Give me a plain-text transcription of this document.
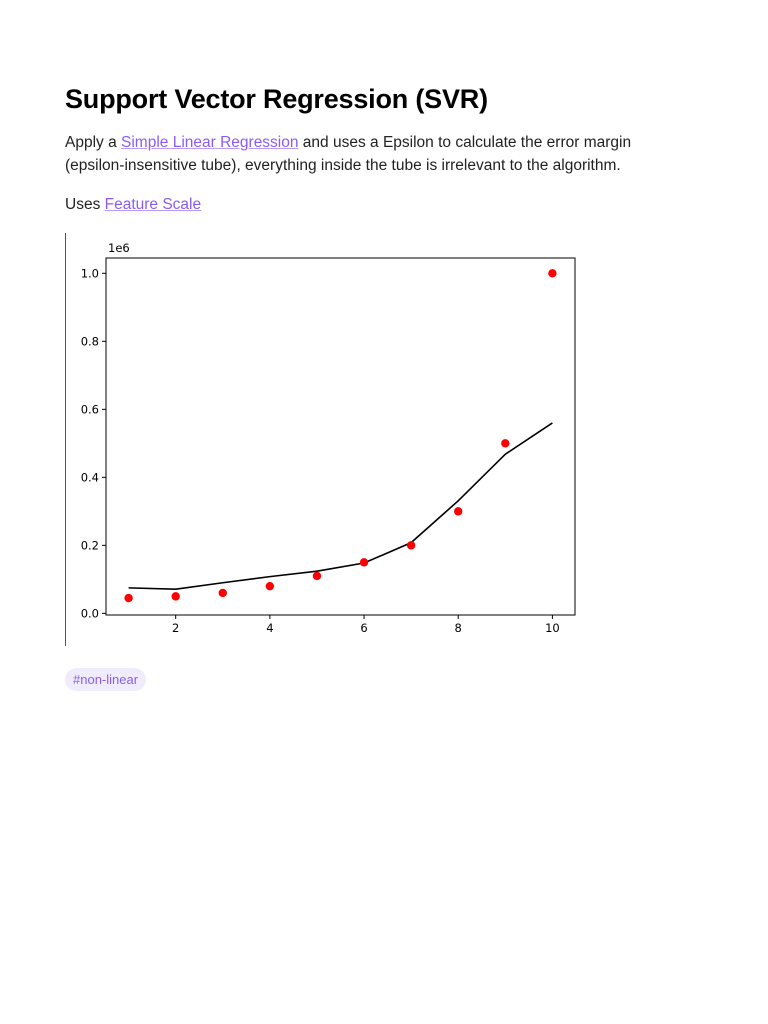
Support Vector Regression (SVR)

Apply a Simple Linear Regression and uses a Epsilon to calculate the error margin (epsilon-insensitive tube), everything inside the tube is irrelevant to the algorithm.

Uses Feature Scale

2	4	6	8	10
0.0
0.2
0.4
0.6
0.8
1.0
1e6
#non-linear
